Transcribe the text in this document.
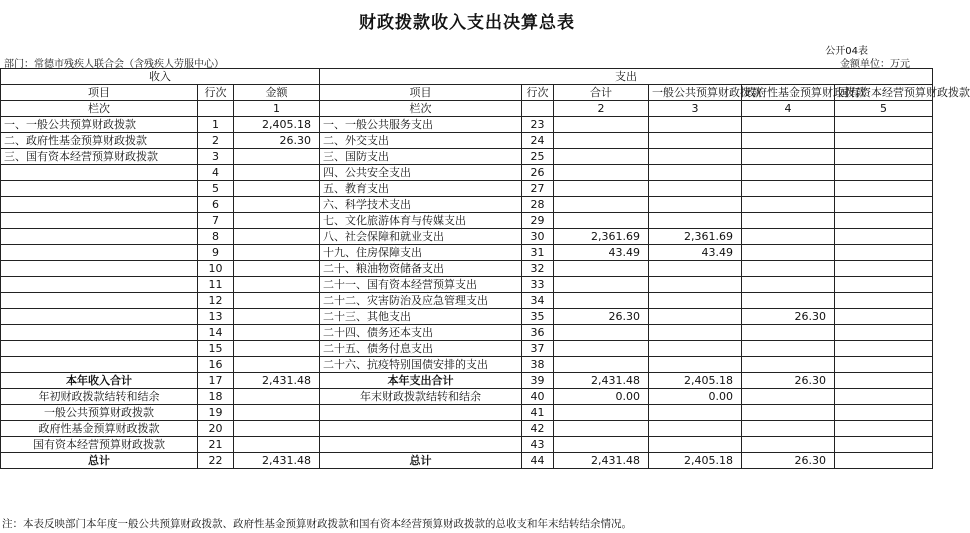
财政拨款收入支出决算总表
公开04表
部门：常德市残疾人联合会（含残疾人劳服中心）	金额单位：万元
收入			支出					
项目	行次	金额	项目	行次	合计	一般公共预算财政拨款	政府性基金预算财政拨款	国有资本经营预算财政拨款
栏次		1	栏次		2	3	4	5
一、一般公共预算财政拨款	1	2,405.18	一、一般公共服务支出	23				
二、政府性基金预算财政拨款	2	26.30	二、外交支出	24				
三、国有资本经营预算财政拨款	3		三、国防支出	25				
	4		四、公共安全支出	26				
	5		五、教育支出	27				
	6		六、科学技术支出	28				
	7		七、文化旅游体育与传媒支出	29				
	8		八、社会保障和就业支出	30	2,361.69	2,361.69		
	9		十九、住房保障支出	31	43.49	43.49		
	10		二十、粮油物资储备支出	32				
	11		二十一、国有资本经营预算支出	33				
	12		二十二、灾害防治及应急管理支出	34				
	13		二十三、其他支出	35	26.30		26.30	
	14		二十四、债务还本支出	36				
	15		二十五、债务付息支出	37				
	16		二十六、抗疫特别国债安排的支出	38				
本年收入合计	17	2,431.48	本年支出合计	39	2,431.48	2,405.18	26.30	
年初财政拨款结转和结余	18		年末财政拨款结转和结余	40	0.00	0.00		
一般公共预算财政拨款	19			41				
政府性基金预算财政拨款	20			42				
国有资本经营预算财政拨款	21			43				
总计	22	2,431.48	总计	44	2,431.48	2,405.18	26.30	
注：本表反映部门本年度一般公共预算财政拨款、政府性基金预算财政拨款和国有资本经营预算财政拨款的总收支和年末结转结余情况。
